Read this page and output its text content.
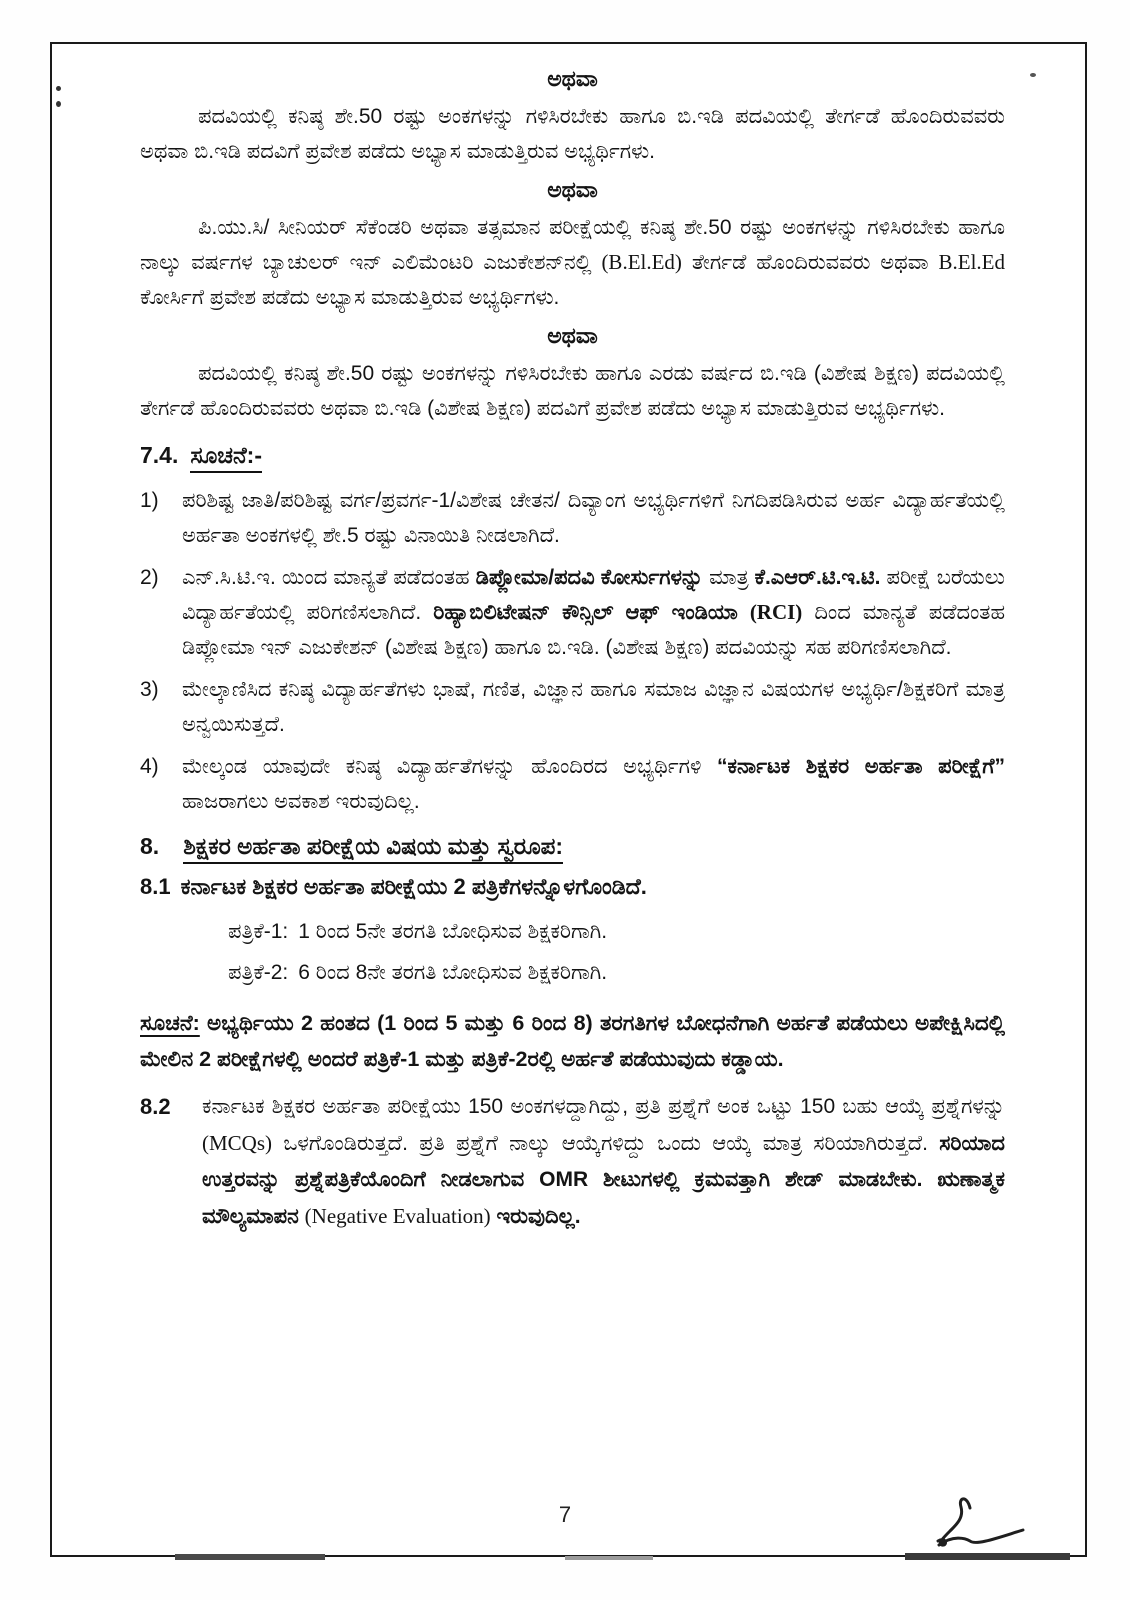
ಅಥವಾ

ಪದವಿಯಲ್ಲಿ ಕನಿಷ್ಠ ಶೇ.50 ರಷ್ಟು ಅಂಕಗಳನ್ನು ಗಳಿಸಿರಬೇಕು ಹಾಗೂ ಬಿ.ಇಡಿ ಪದವಿಯಲ್ಲಿ ತೇರ್ಗಡೆ ಹೊಂದಿರುವವರು ಅಥವಾ ಬಿ.ಇಡಿ ಪದವಿಗೆ ಪ್ರವೇಶ ಪಡೆದು ಅಭ್ಯಾಸ ಮಾಡುತ್ತಿರುವ ಅಭ್ಯರ್ಥಿಗಳು.

ಅಥವಾ

ಪಿ.ಯು.ಸಿ/ ಸೀನಿಯರ್ ಸೆಕೆಂಡರಿ ಅಥವಾ ತತ್ಸಮಾನ ಪರೀಕ್ಷೆಯಲ್ಲಿ ಕನಿಷ್ಠ ಶೇ.50 ರಷ್ಟು ಅಂಕಗಳನ್ನು ಗಳಿಸಿರಬೇಕು ಹಾಗೂ ನಾಲ್ಕು ವರ್ಷಗಳ ಬ್ಯಾಚುಲರ್ ಇನ್ ಎಲಿಮೆಂಟರಿ ಎಜುಕೇಶನ್‌ನಲ್ಲಿ (B.El.Ed) ತೇರ್ಗಡೆ ಹೊಂದಿರುವವರು ಅಥವಾ B.El.Ed ಕೋರ್ಸಿಗೆ ಪ್ರವೇಶ ಪಡೆದು ಅಭ್ಯಾಸ ಮಾಡುತ್ತಿರುವ ಅಭ್ಯರ್ಥಿಗಳು.

ಅಥವಾ

ಪದವಿಯಲ್ಲಿ ಕನಿಷ್ಠ ಶೇ.50 ರಷ್ಟು ಅಂಕಗಳನ್ನು ಗಳಿಸಿರಬೇಕು ಹಾಗೂ ಎರಡು ವರ್ಷದ ಬಿ.ಇಡಿ (ವಿಶೇಷ ಶಿಕ್ಷಣ) ಪದವಿಯಲ್ಲಿ ತೇರ್ಗಡೆ ಹೊಂದಿರುವವರು ಅಥವಾ ಬಿ.ಇಡಿ (ವಿಶೇಷ ಶಿಕ್ಷಣ) ಪದವಿಗೆ ಪ್ರವೇಶ ಪಡೆದು ಅಭ್ಯಾಸ ಮಾಡುತ್ತಿರುವ ಅಭ್ಯರ್ಥಿಗಳು.

7.4. ಸೂಚನೆ:-
1)	ಪರಿಶಿಷ್ಟ ಜಾತಿ/ಪರಿಶಿಷ್ಟ ವರ್ಗ/ಪ್ರವರ್ಗ-1/ವಿಶೇಷ ಚೇತನ/ ದಿವ್ಯಾಂಗ ಅಭ್ಯರ್ಥಿಗಳಿಗೆ ನಿಗದಿಪಡಿಸಿರುವ ಅರ್ಹ ವಿದ್ಯಾರ್ಹತೆಯಲ್ಲಿ ಅರ್ಹತಾ ಅಂಕಗಳಲ್ಲಿ ಶೇ.5 ರಷ್ಟು ವಿನಾಯಿತಿ ನೀಡಲಾಗಿದೆ.
2)	ಎನ್.ಸಿ.ಟಿ.ಇ. ಯಿಂದ ಮಾನ್ಯತೆ ಪಡೆದಂತಹ ಡಿಪ್ಲೋಮಾ/ಪದವಿ ಕೋರ್ಸುಗಳನ್ನು ಮಾತ್ರ ಕೆ.ಎಆರ್.ಟಿ.ಇ.ಟಿ. ಪರೀಕ್ಷೆ ಬರೆಯಲು ವಿದ್ಯಾರ್ಹತೆಯಲ್ಲಿ ಪರಿಗಣಿಸಲಾಗಿದೆ. ರಿಹ್ಯಾಬಿಲಿಟೇಷನ್ ಕೌನ್ಸಿಲ್ ಆಫ್ ಇಂಡಿಯಾ (RCI) ದಿಂದ ಮಾನ್ಯತೆ ಪಡೆದಂತಹ ಡಿಪ್ಲೋಮಾ ಇನ್ ಎಜುಕೇಶನ್ (ವಿಶೇಷ ಶಿಕ್ಷಣ) ಹಾಗೂ ಬಿ.ಇಡಿ. (ವಿಶೇಷ ಶಿಕ್ಷಣ) ಪದವಿಯನ್ನು ಸಹ ಪರಿಗಣಿಸಲಾಗಿದೆ.
3)	ಮೇಲ್ಕಾಣಿಸಿದ ಕನಿಷ್ಠ ವಿದ್ಯಾರ್ಹತೆಗಳು ಭಾಷೆ, ಗಣಿತ, ವಿಜ್ಞಾನ ಹಾಗೂ ಸಮಾಜ ವಿಜ್ಞಾನ ವಿಷಯಗಳ ಅಭ್ಯರ್ಥಿ/ಶಿಕ್ಷಕರಿಗೆ ಮಾತ್ರ ಅನ್ವಯಿಸುತ್ತದೆ.
4)	ಮೇಲ್ಕಂಡ ಯಾವುದೇ ಕನಿಷ್ಠ ವಿದ್ಯಾರ್ಹತೆಗಳನ್ನು ಹೊಂದಿರದ ಅಭ್ಯರ್ಥಿಗಳಿ “ಕರ್ನಾಟಕ ಶಿಕ್ಷಕರ ಅರ್ಹತಾ ಪರೀಕ್ಷೆಗೆ” ಹಾಜರಾಗಲು ಅವಕಾಶ ಇರುವುದಿಲ್ಲ.
8. ಶಿಕ್ಷಕರ ಅರ್ಹತಾ ಪರೀಕ್ಷೆಯ ವಿಷಯ ಮತ್ತು ಸ್ವರೂಪ:

8.1 ಕರ್ನಾಟಕ ಶಿಕ್ಷಕರ ಅರ್ಹತಾ ಪರೀಕ್ಷೆಯು 2 ಪತ್ರಿಕೆಗಳನ್ನೊಳಗೊಂಡಿದೆ.

ಪತ್ರಿಕೆ-1: 1 ರಿಂದ 5ನೇ ತರಗತಿ ಬೋಧಿಸುವ ಶಿಕ್ಷಕರಿಗಾಗಿ.

ಪತ್ರಿಕೆ-2: 6 ರಿಂದ 8ನೇ ತರಗತಿ ಬೋಧಿಸುವ ಶಿಕ್ಷಕರಿಗಾಗಿ.

ಸೂಚನೆ: ಅಭ್ಯರ್ಥಿಯು 2 ಹಂತದ (1 ರಿಂದ 5 ಮತ್ತು 6 ರಿಂದ 8) ತರಗತಿಗಳ ಬೋಧನೆಗಾಗಿ ಅರ್ಹತೆ ಪಡೆಯಲು ಅಪೇಕ್ಷಿಸಿದಲ್ಲಿ ಮೇಲಿನ 2 ಪರೀಕ್ಷೆಗಳಲ್ಲಿ ಅಂದರೆ ಪತ್ರಿಕೆ-1 ಮತ್ತು ಪತ್ರಿಕೆ-2ರಲ್ಲಿ ಅರ್ಹತೆ ಪಡೆಯುವುದು ಕಡ್ಡಾಯ.

8.2	ಕರ್ನಾಟಕ ಶಿಕ್ಷಕರ ಅರ್ಹತಾ ಪರೀಕ್ಷೆಯು 150 ಅಂಕಗಳದ್ದಾಗಿದ್ದು, ಪ್ರತಿ ಪ್ರಶ್ನೆಗೆ ಅಂಕ ಒಟ್ಟು 150 ಬಹು ಆಯ್ಕೆ ಪ್ರಶ್ನೆಗಳನ್ನು (MCQs) ಒಳಗೊಂಡಿರುತ್ತದೆ. ಪ್ರತಿ ಪ್ರಶ್ನೆಗೆ ನಾಲ್ಕು ಆಯ್ಕೆಗಳಿದ್ದು ಒಂದು ಆಯ್ಕೆ ಮಾತ್ರ ಸರಿಯಾಗಿರುತ್ತದೆ. ಸರಿಯಾದ ಉತ್ತರವನ್ನು ಪ್ರಶ್ನೆಪತ್ರಿಕೆಯೊಂದಿಗೆ ನೀಡಲಾಗುವ OMR ಶೀಟುಗಳಲ್ಲಿ ಕ್ರಮವತ್ತಾಗಿ ಶೇಡ್ ಮಾಡಬೇಕು. ಋಣಾತ್ಮಕ ಮೌಲ್ಯಮಾಪನ (Negative Evaluation) ಇರುವುದಿಲ್ಲ.
7
